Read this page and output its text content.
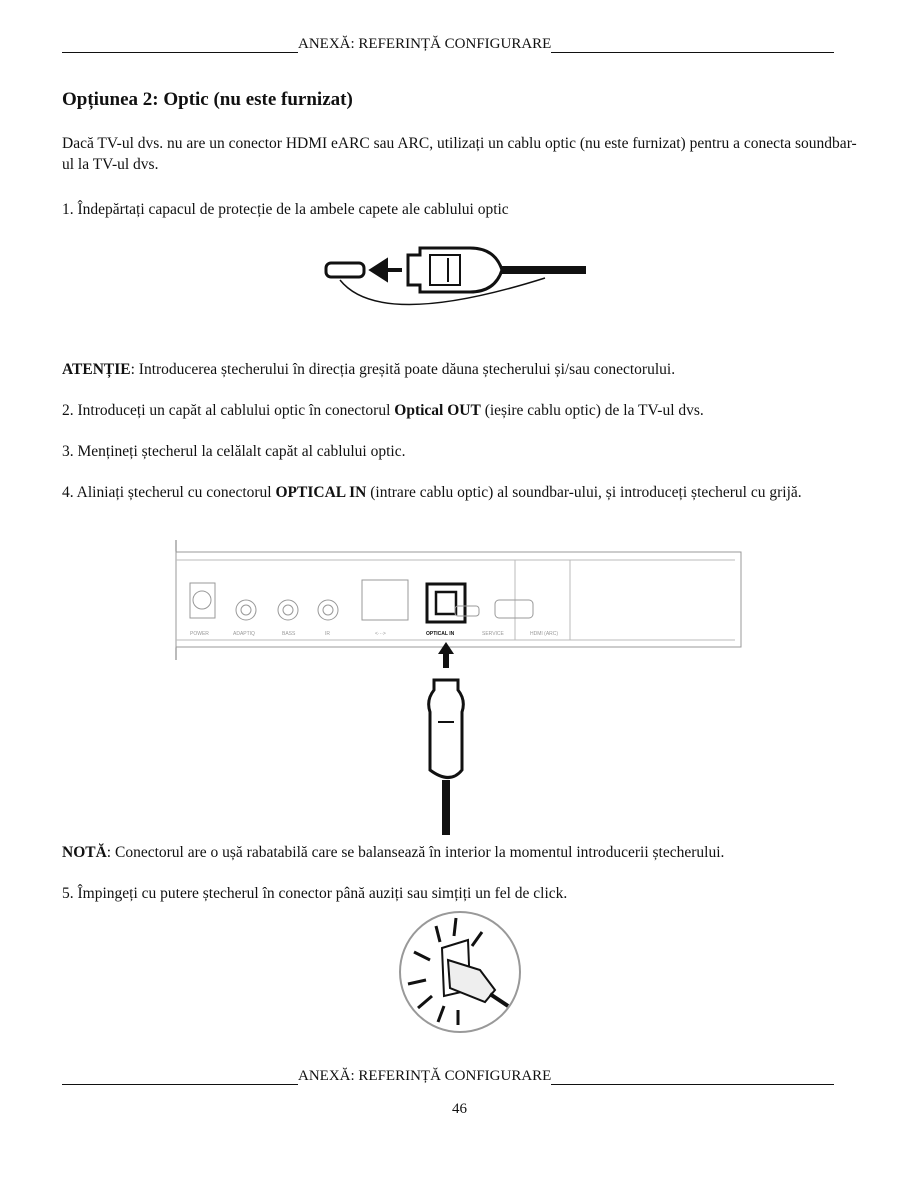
ANEXĂ: REFERINȚĂ CONFIGURARE
Opțiunea 2: Optic (nu este furnizat)

Dacă TV-ul dvs. nu are un conector HDMI eARC sau ARC, utilizați un cablu optic (nu este furnizat) pentru a conecta soundbar-ul la TV-ul dvs.

1. Îndepărtați capacul de protecție de la ambele capete ale cablului optic

ATENȚIE: Introducerea ștecherului în direcția greșită poate dăuna ștecherului și/sau conectorului.

2. Introduceți un capăt al cablului optic în conectorul Optical OUT (ieșire cablu optic) de la TV-ul dvs.

3. Mențineți ștecherul la celălalt capăt al cablului optic.

4. Aliniați ștecherul cu conectorul OPTICAL IN (intrare cablu optic) al soundbar-ului, și introduceți ștecherul cu grijă.

POWER	ADAPTIQ	BASS	IR	<···>	OPTICAL IN	SERVICE	HDMI (ARC)

NOTĂ: Conectorul are o ușă rabatabilă care se balansează în interior la momentul introducerii ștecherului.

5. Împingeți cu putere ștecherul în conector până auziți sau simțiți un fel de click.

ANEXĂ: REFERINȚĂ CONFIGURARE
46
